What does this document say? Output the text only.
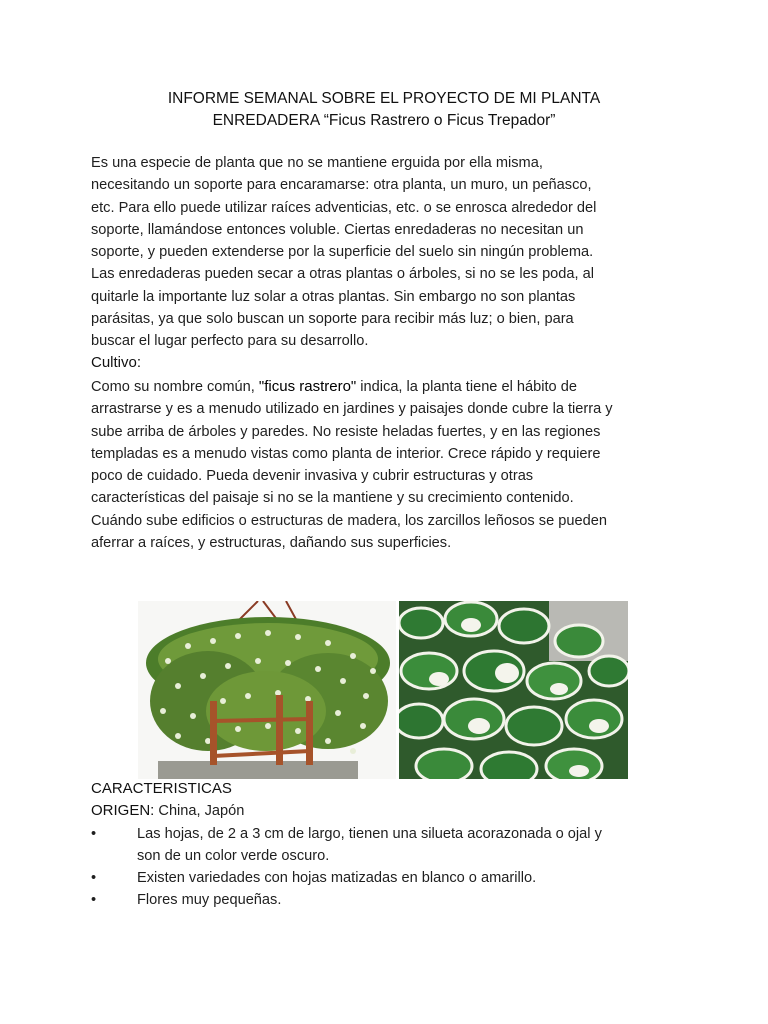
INFORME SEMANAL SOBRE EL PROYECTO DE MI PLANTA
ENREDADERA “Ficus Rastrero o Ficus Trepador”
Es una especie de planta que no se mantiene erguida por ella misma,
necesitando un soporte para encaramarse: otra planta, un muro, un peñasco,
etc. Para ello puede utilizar raíces adventicias, etc. o se enrosca alrededor del
soporte, llamándose entonces voluble. Ciertas enredaderas no necesitan un
soporte, y pueden extenderse por la superficie del suelo sin ningún problema.
Las enredaderas pueden secar a otras plantas o árboles, si no se les poda, al
quitarle la importante luz solar a otras plantas. Sin embargo no son plantas
parásitas, ya que solo buscan un soporte para recibir más luz; o bien, para
buscar el lugar perfecto para su desarrollo.
Cultivo:
Como su nombre común, "ficus rastrero" indica, la planta tiene el hábito de
arrastrarse y es a menudo utilizado en jardines y paisajes donde cubre la tierra y
sube arriba de árboles y paredes. No resiste heladas fuertes, y en las regiones
templadas es a menudo vistas como planta de interior. Crece rápido y requiere
poco de cuidado. Pueda devenir invasiva y cubrir estructuras y otras
características del paisaje si no se la mantiene y su crecimiento contenido.
Cuándo sube edificios o estructuras de madera, los zarcillos leñosos se pueden
aferrar a raíces, y estructuras, dañando sus superficies.
CARACTERISTICAS
ORIGEN: China, Japón
•	Las hojas, de 2 a 3 cm de largo, tienen una silueta acorazonada o ojal y
son de un color verde oscuro.
•	Existen variedades con hojas matizadas en blanco o amarillo.
•	Flores muy pequeñas.
